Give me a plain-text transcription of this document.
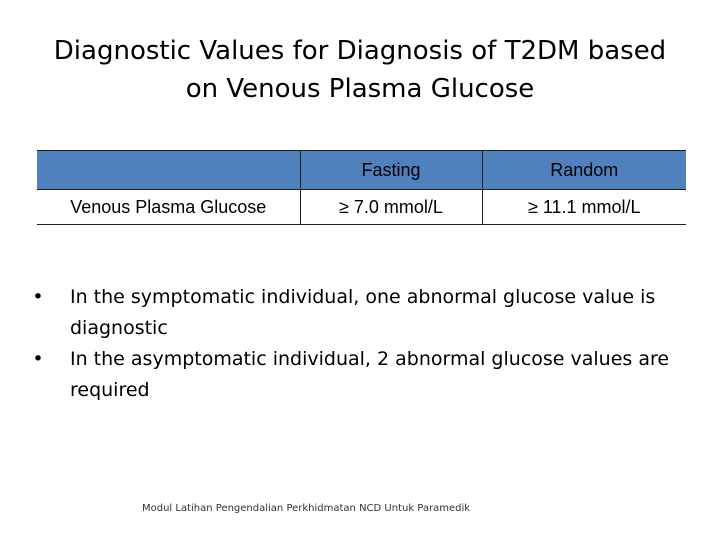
Diagnostic Values for Diagnosis of T2DM based
on Venous Plasma Glucose
	Fasting	Random
Venous Plasma Glucose	≥ 7.0 mmol/L	≥ 11.1 mmol/L
• In the symptomatic individual, one abnormal glucose value is diagnostic
• In the asymptomatic individual, 2 abnormal glucose values are required
Modul Latihan Pengendalian Perkhidmatan NCD Untuk Paramedik
